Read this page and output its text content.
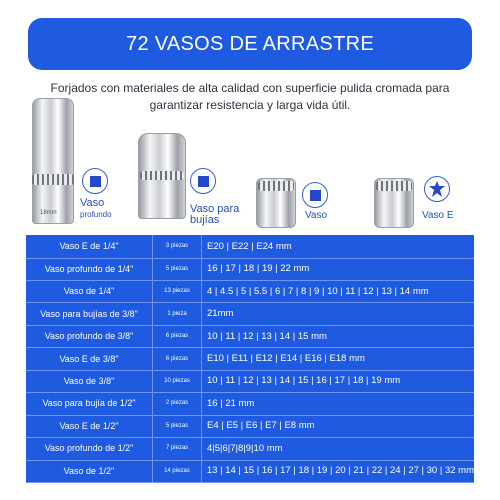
72 VASOS DE ARRASTRE
Forjados con materiales de alta calidad con superficie pulida cromada para
garantizar resistencia y larga vida útil.
18mm
Vaso
profundo	Vaso para
bujías	Vaso	Vaso E
Vaso E de 1/4"	3 piezas	E20 | E22 | E24 mm
Vaso profundo de 1/4"	5 piezas	16 | 17 | 18 | 19 | 22 mm
Vaso de 1/4"	13 piezas	4 | 4.5 | 5 | 5.5 | 6 | 7 | 8 | 9 | 10 | 11 | 12 | 13 | 14 mm
Vaso para bujías de 3/8"	1 pieza	21mm
Vaso profundo de 3/8"	6 piezas	10 | 11 | 12 | 13 | 14 | 15 mm
Vaso E de 3/8"	6 piezas	E10 | E11 | E12 | E14 | E16 | E18 mm
Vaso de 3/8"	10 piezas	10 | 11 | 12 | 13 | 14 | 15 | 16 | 17 | 18 | 19 mm
Vaso para bujía de 1/2"	2 piezas	16 | 21 mm
Vaso E de 1/2"	5 piezas	E4 | E5 | E6 | E7 | E8 mm
Vaso profundo de 1/2"	7 piezas	4|5|6|7|8|9|10 mm
Vaso de 1/2"	14 piezas	13 | 14 | 15 | 16 | 17 | 18 | 19 | 20 | 21 | 22 | 24 | 27 | 30 | 32 mm
